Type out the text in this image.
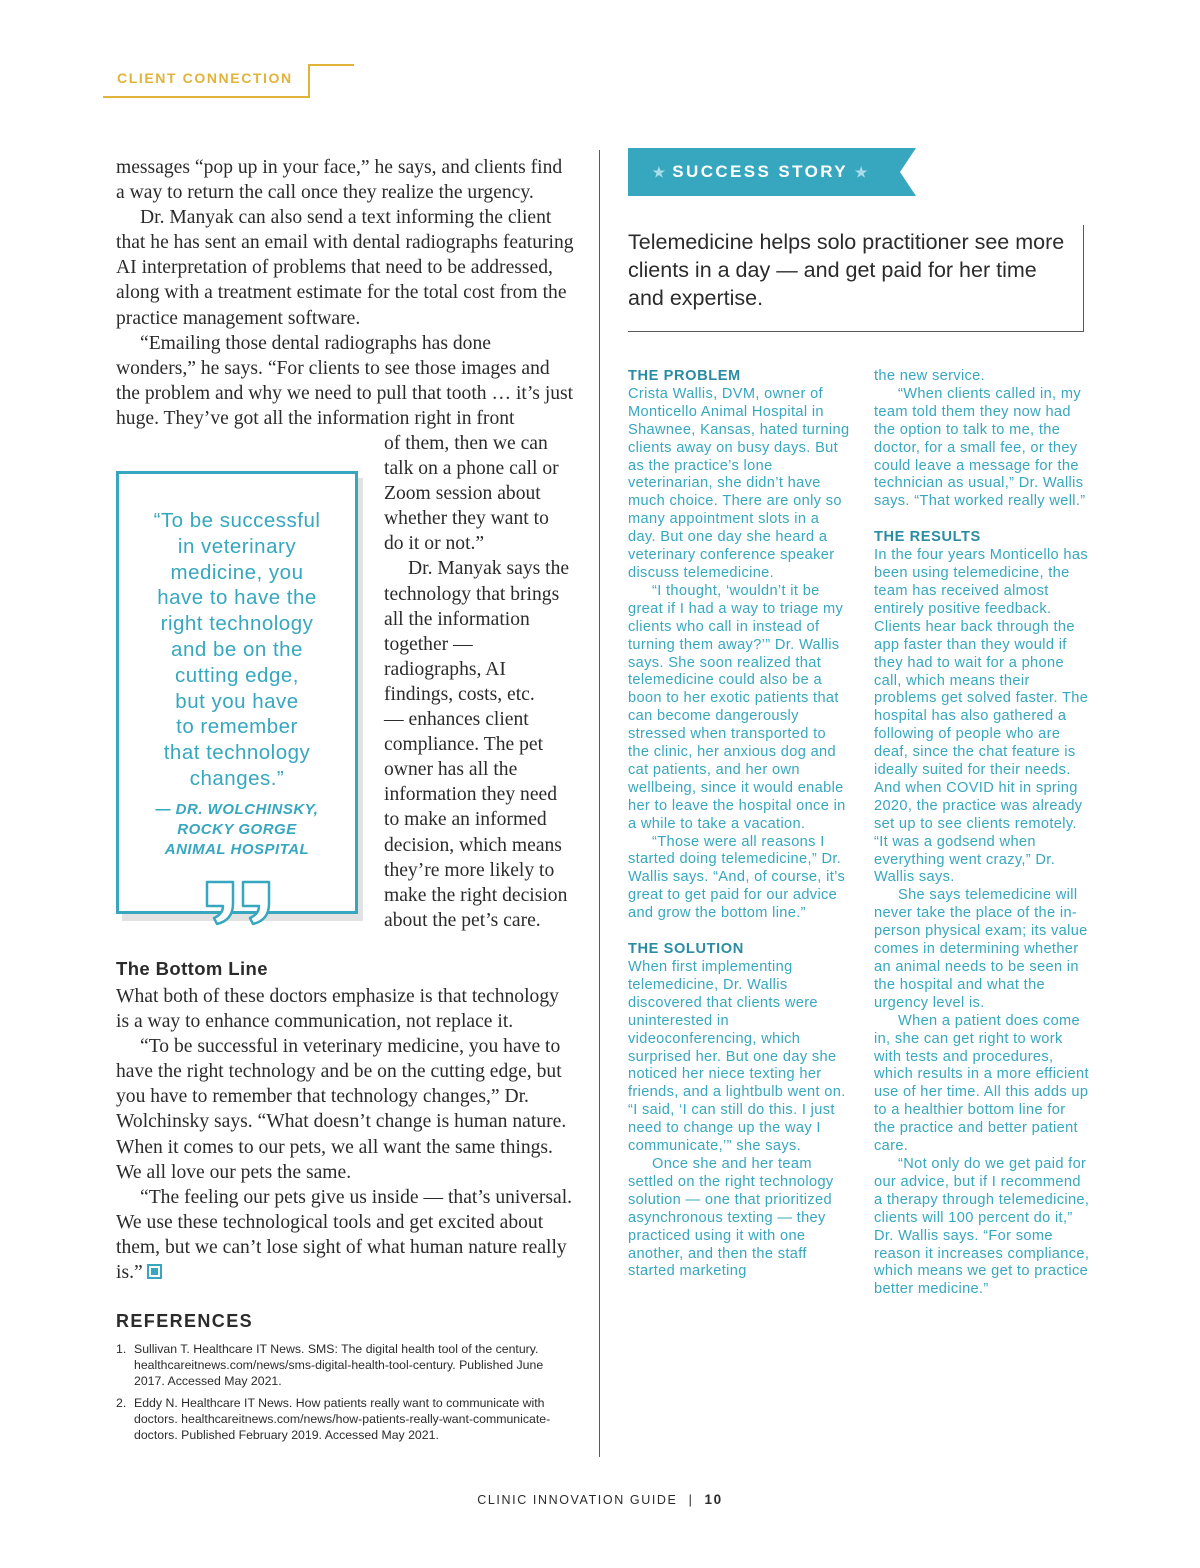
CLIENT CONNECTION

messages “pop up in your face,” he says, and clients find a way to return the call once they realize the urgency.

Dr. Manyak can also send a text informing the client that he has sent an email with dental radiographs featuring AI interpretation of problems that need to be addressed, along with a treatment estimate for the total cost from the practice management software.

“Emailing those dental radiographs has done wonders,” he says. “For clients to see those images and the problem and why we need to pull that tooth … it’s just huge. They’ve got all the information right in front

of them, then we can
talk on a phone call or
Zoom session about
whether they want to
do it or not.”
Dr. Manyak says the
technology that brings
all the information
together —
radiographs, AI
findings, costs, etc.
— enhances client
compliance. The pet
owner has all the
information they need
to make an informed
decision, which means
they’re more likely to
make the right decision
about the pet’s care.
“To be successful
in veterinary
medicine, you
have to have the
right technology
and be on the
cutting edge,
but you have
to remember
that technology
changes.”
— DR. WOLCHINSKY,
ROCKY GORGE
ANIMAL HOSPITAL
The Bottom Line

What both of these doctors emphasize is that technology is a way to enhance communication, not replace it.

“To be successful in veterinary medicine, you have to have the right technology and be on the cutting edge, but you have to remember that technology changes,” Dr. Wolchinsky says. “What doesn’t change is human nature. When it comes to our pets, we all want the same things. We all love our pets the same.

“The feeling our pets give us inside — that’s universal. We use these technological tools and get excited about them, but we can’t lose sight of what human nature really is.”

REFERENCES
1. Sullivan T. Healthcare IT News. SMS: The digital health tool of the century. healthcareitnews.com/news/sms-digital-health-tool-century. Published June 2017. Accessed May 2021.
2. Eddy N. Healthcare IT News. How patients really want to communicate with doctors. healthcareitnews.com/news/how-patients-really-want-communicate-doctors. Published February 2019. Accessed May 2021.
★ SUCCESS STORY ★
Telemedicine helps solo practitioner see more clients in a day — and get paid for her time and expertise.

THE PROBLEM

Crista Wallis, DVM, owner of Monticello Animal Hospital in Shawnee, Kansas, hated turning clients away on busy days. But as the practice’s lone veterinarian, she didn’t have much choice. There are only so many appointment slots in a day. But one day she heard a veterinary conference speaker discuss telemedicine.

“I thought, ‘wouldn’t it be great if I had a way to triage my clients who call in instead of turning them away?’” Dr. Wallis says. She soon realized that telemedicine could also be a boon to her exotic patients that can become dangerously stressed when transported to the clinic, her anxious dog and cat patients, and her own wellbeing, since it would enable her to leave the hospital once in a while to take a vacation.

“Those were all reasons I started doing telemedicine,” Dr. Wallis says. “And, of course, it’s great to get paid for our advice and grow the bottom line.”

THE SOLUTION

When first implementing telemedicine, Dr. Wallis discovered that clients were uninterested in videoconferencing, which surprised her. But one day she noticed her niece texting her friends, and a lightbulb went on. “I said, ‘I can still do this. I just need to change up the way I communicate,’” she says.

Once she and her team settled on the right technology solution — one that prioritized asynchronous texting — they practiced using it with one another, and then the staff started marketing

the new service.

“When clients called in, my team told them they now had the option to talk to me, the doctor, for a small fee, or they could leave a message for the technician as usual,” Dr. Wallis says. “That worked really well.”

THE RESULTS

In the four years Monticello has been using telemedicine, the team has received almost entirely positive feedback. Clients hear back through the app faster than they would if they had to wait for a phone call, which means their problems get solved faster. The hospital has also gathered a following of people who are deaf, since the chat feature is ideally suited for their needs. And when COVID hit in spring 2020, the practice was already set up to see clients remotely. “It was a godsend when everything went crazy,” Dr. Wallis says.

She says telemedicine will never take the place of the in-person physical exam; its value comes in determining whether an animal needs to be seen in the hospital and what the urgency level is.

When a patient does come in, she can get right to work with tests and procedures, which results in a more efficient use of her time. All this adds up to a healthier bottom line for the practice and better patient care.

“Not only do we get paid for our advice, but if I recommend a therapy through telemedicine, clients will 100 percent do it,” Dr. Wallis says. “For some reason it increases compliance, which means we get to practice better medicine.”

CLINIC INNOVATION GUIDE | 10
